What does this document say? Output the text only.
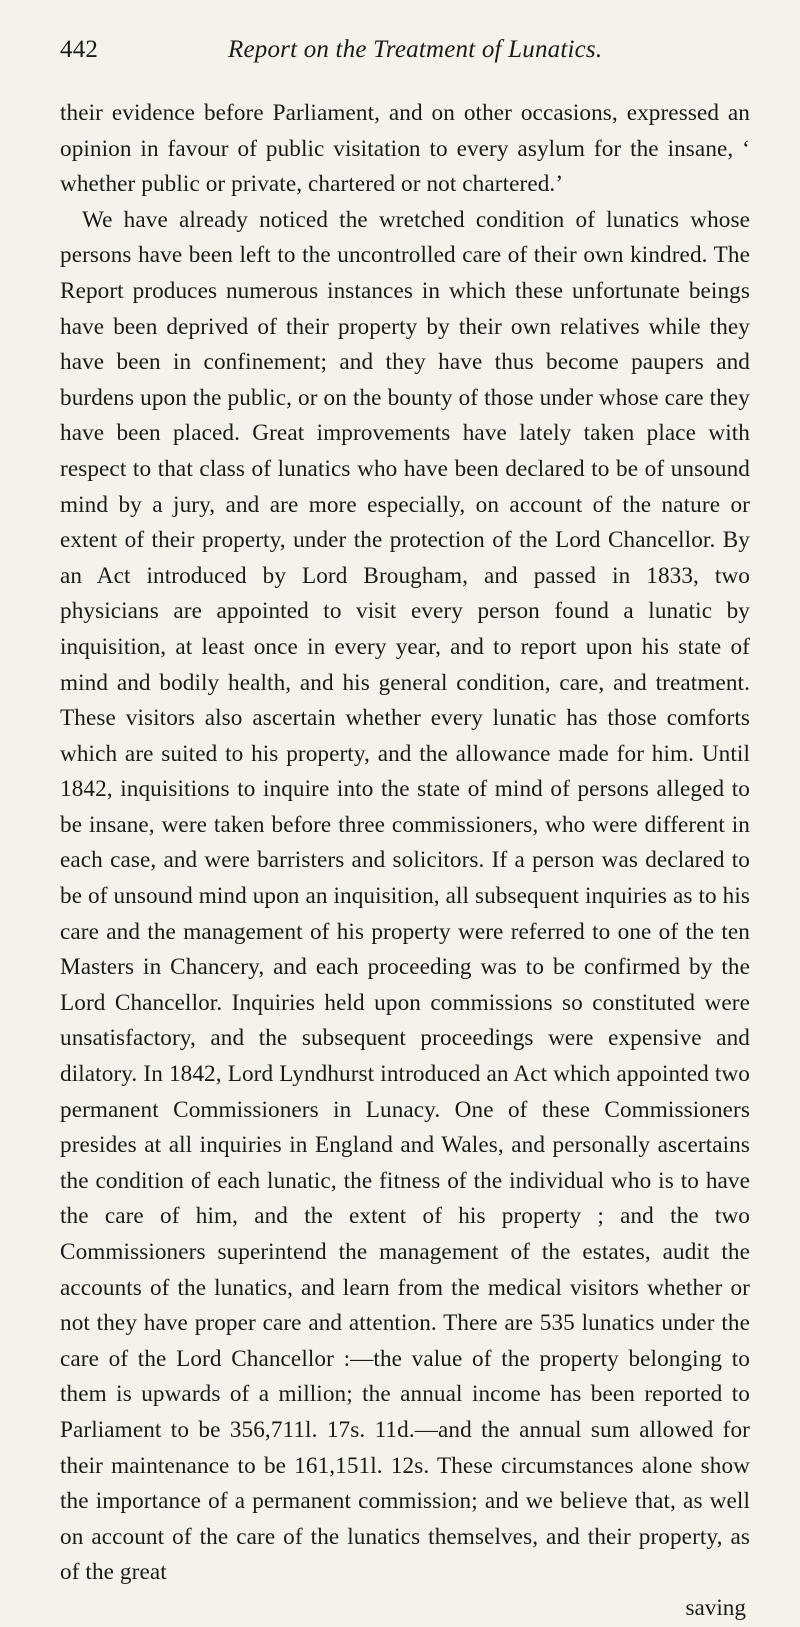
442	Report on the Treatment of Lunatics.

their evidence before Parliament, and on other occasions, expressed an opinion in favour of public visitation to every asylum for the insane, ‘ whether public or private, chartered or not chartered.’

We have already noticed the wretched condition of lunatics whose persons have been left to the uncontrolled care of their own kindred. The Report produces numerous instances in which these unfortunate beings have been deprived of their property by their own relatives while they have been in confinement; and they have thus become paupers and burdens upon the public, or on the bounty of those under whose care they have been placed. Great improvements have lately taken place with respect to that class of lunatics who have been declared to be of unsound mind by a jury, and are more especially, on account of the nature or extent of their property, under the protection of the Lord Chancellor. By an Act introduced by Lord Brougham, and passed in 1833, two physicians are appointed to visit every person found a lunatic by inquisition, at least once in every year, and to report upon his state of mind and bodily health, and his general condition, care, and treatment. These visitors also ascertain whether every lunatic has those comforts which are suited to his property, and the allowance made for him. Until 1842, inquisitions to inquire into the state of mind of persons alleged to be insane, were taken before three commissioners, who were different in each case, and were barristers and solicitors. If a person was declared to be of unsound mind upon an inquisition, all subsequent inquiries as to his care and the management of his property were referred to one of the ten Masters in Chancery, and each proceeding was to be confirmed by the Lord Chancellor. Inquiries held upon commissions so constituted were unsatisfactory, and the subsequent proceedings were expensive and dilatory. In 1842, Lord Lyndhurst introduced an Act which appointed two permanent Commissioners in Lunacy. One of these Commissioners presides at all inquiries in England and Wales, and personally ascertains the condition of each lunatic, the fitness of the individual who is to have the care of him, and the extent of his property ; and the two Commissioners superintend the management of the estates, audit the accounts of the lunatics, and learn from the medical visitors whether or not they have proper care and attention. There are 535 lunatics under the care of the Lord Chancellor :—the value of the property belonging to them is upwards of a million; the annual income has been reported to Parliament to be 356,711l. 17s. 11d.—and the annual sum allowed for their maintenance to be 161,151l. 12s. These circumstances alone show the importance of a permanent commission; and we believe that, as well on account of the care of the lunatics themselves, and their property, as of the great

saving
